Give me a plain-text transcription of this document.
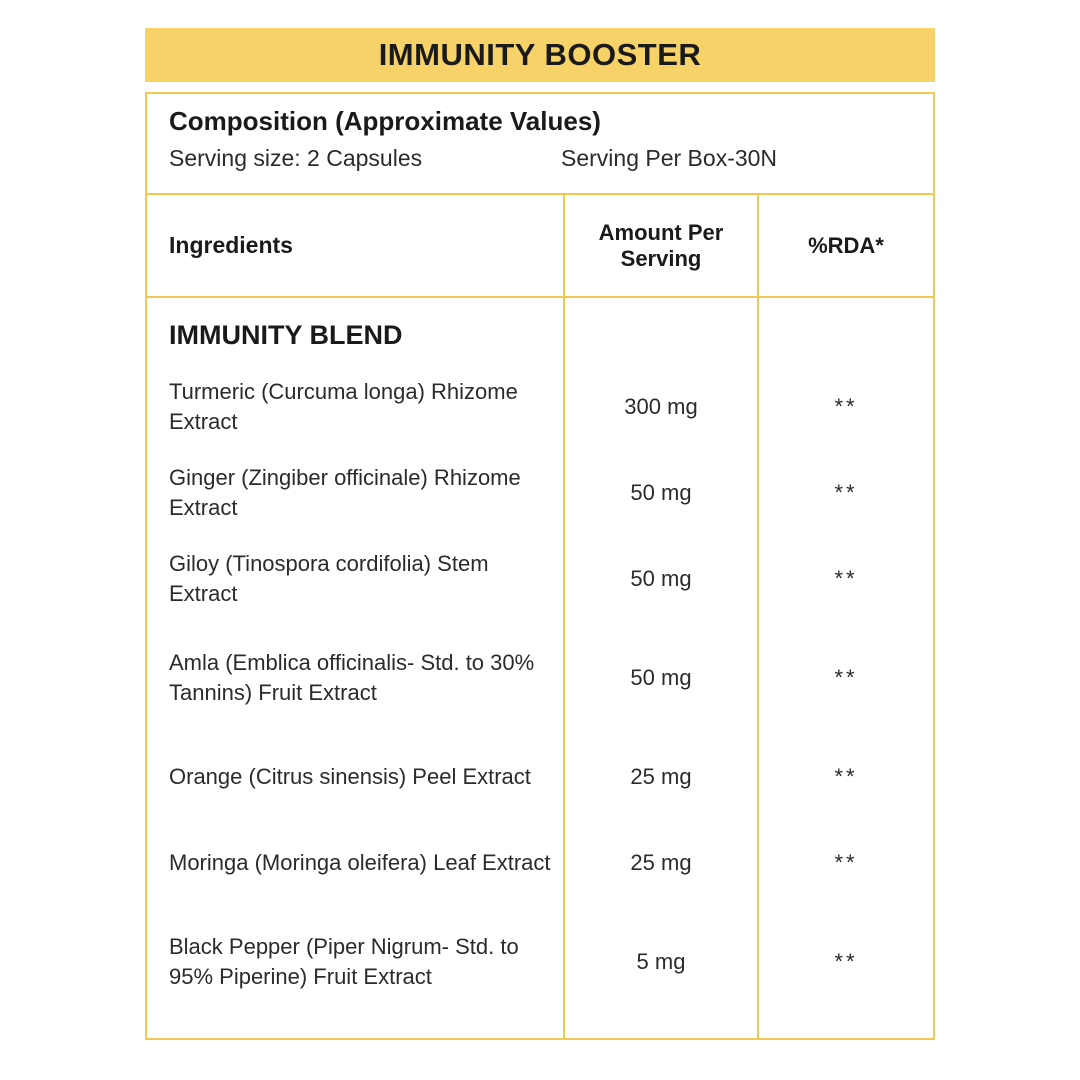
IMMUNITY BOOSTER
Composition (Approximate Values)
Serving size: 2 Capsules	Serving Per Box-30N
Ingredients	Amount Per Serving
%RDA*
IMMUNITY BLEND
Turmeric (Curcuma longa) Rhizome Extract
Ginger (Zingiber officinale) Rhizome Extract
Giloy (Tinospora cordifolia) Stem Extract
Amla (Emblica officinalis- Std. to 30% Tannins) Fruit Extract
Orange (Citrus sinensis) Peel Extract
Moringa (Moringa oleifera) Leaf Extract
Black Pepper (Piper Nigrum- Std. to 95% Piperine) Fruit Extract
300 mg
50 mg
50 mg
50 mg
25 mg
25 mg
5 mg
**
**
**
**
**
**
**
